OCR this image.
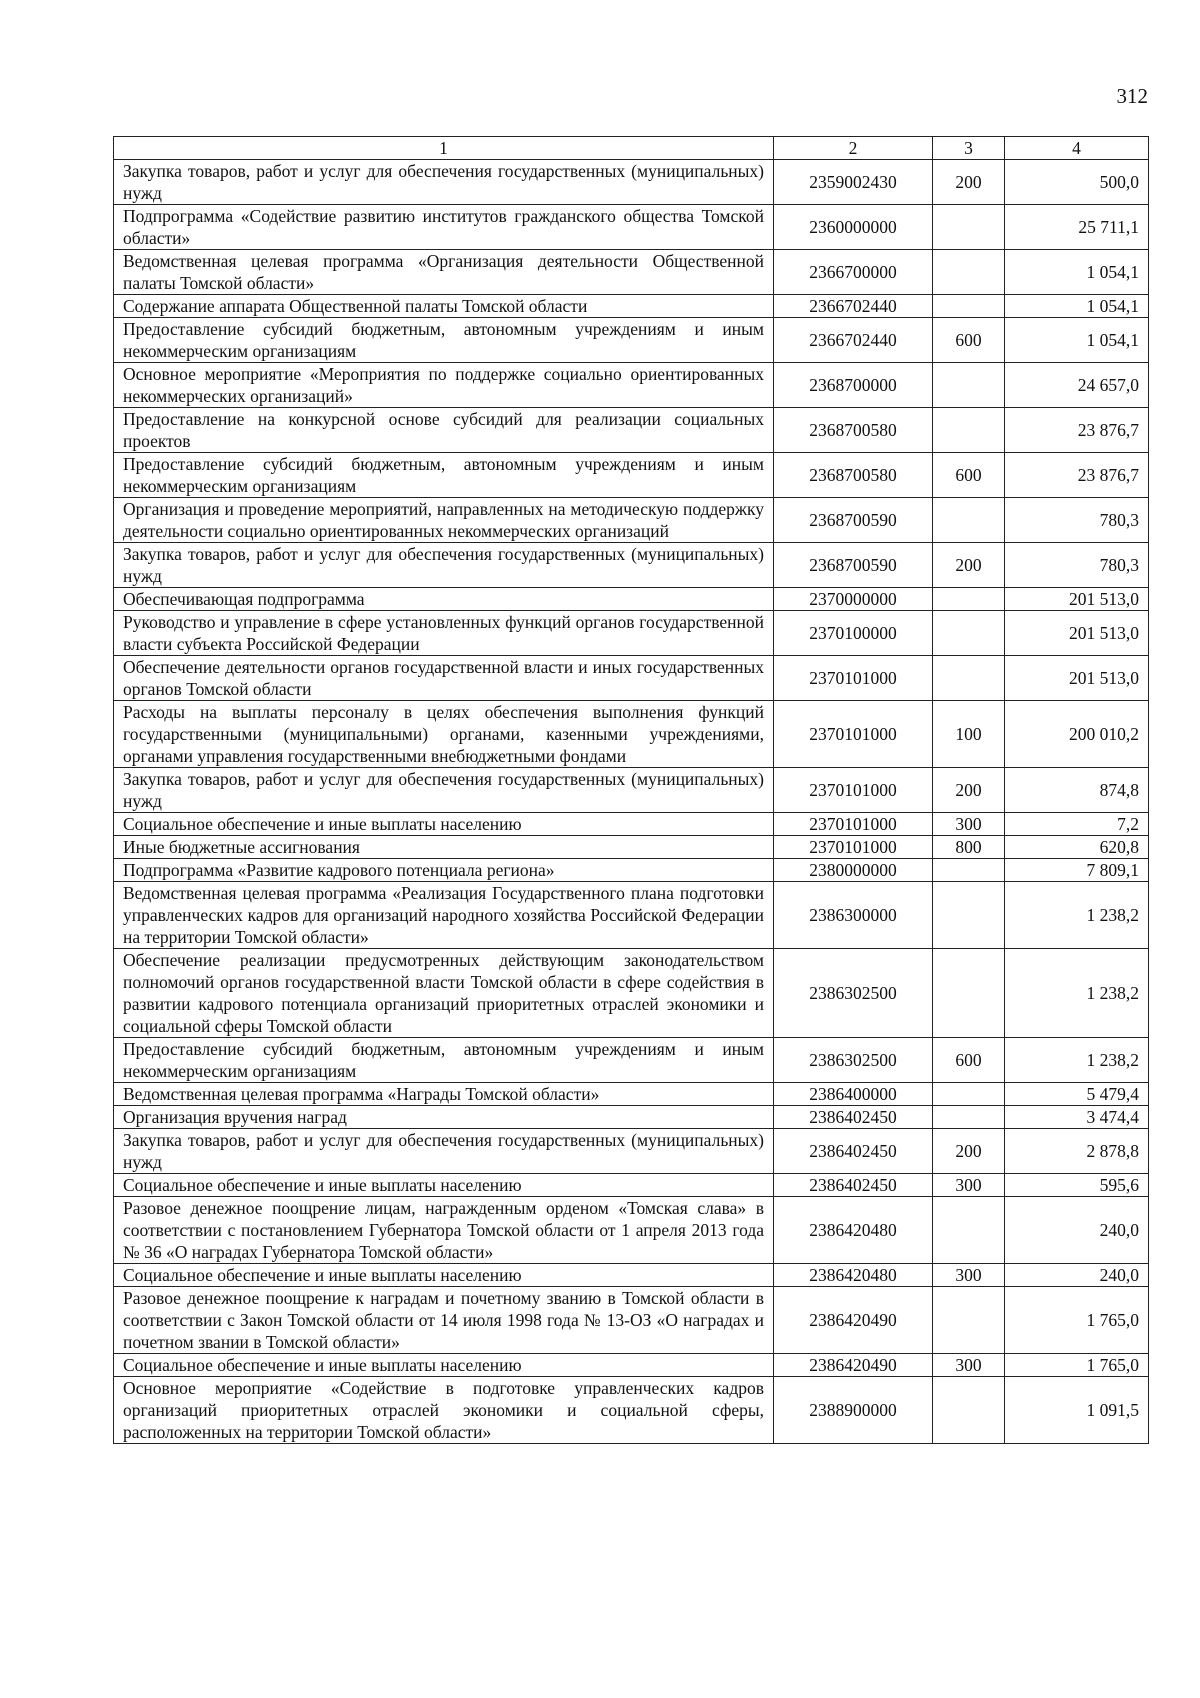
312
1	2	3	4
Закупка товаров, работ и услуг для обеспечения государственных (муниципальных) нужд	2359002430	200	500,0
Подпрограмма «Содействие развитию институтов гражданского общества Томской области»	2360000000		25 711,1
Ведомственная целевая программа «Организация деятельности Общественной палаты Томской области»	2366700000		1 054,1
Содержание аппарата Общественной палаты Томской области	2366702440		1 054,1
Предоставление субсидий бюджетным, автономным учреждениям и иным некоммерческим организациям	2366702440	600	1 054,1
Основное мероприятие «Мероприятия по поддержке социально ориентированных некоммерческих организаций»	2368700000		24 657,0
Предоставление на конкурсной основе субсидий для реализации социальных проектов	2368700580		23 876,7
Предоставление субсидий бюджетным, автономным учреждениям и иным некоммерческим организациям	2368700580	600	23 876,7
Организация и проведение мероприятий, направленных на методическую поддержку деятельности социально ориентированных некоммерческих организаций	2368700590		780,3
Закупка товаров, работ и услуг для обеспечения государственных (муниципальных) нужд	2368700590	200	780,3
Обеспечивающая подпрограмма	2370000000		201 513,0
Руководство и управление в сфере установленных функций органов государственной власти субъекта Российской Федерации	2370100000		201 513,0
Обеспечение деятельности органов государственной власти и иных государственных органов Томской области	2370101000		201 513,0
Расходы на выплаты персоналу в целях обеспечения выполнения функций государственными (муниципальными) органами, казенными учреждениями, органами управления государственными внебюджетными фондами	2370101000	100	200 010,2
Закупка товаров, работ и услуг для обеспечения государственных (муниципальных) нужд	2370101000	200	874,8
Социальное обеспечение и иные выплаты населению	2370101000	300	7,2
Иные бюджетные ассигнования	2370101000	800	620,8
Подпрограмма «Развитие кадрового потенциала региона»	2380000000		7 809,1
Ведомственная целевая программа «Реализация Государственного плана подготовки управленческих кадров для организаций народного хозяйства Российской Федерации на территории Томской области»	2386300000		1 238,2
Обеспечение реализации предусмотренных действующим законодательством полномочий органов государственной власти Томской области в сфере содействия в развитии кадрового потенциала организаций приоритетных отраслей экономики и социальной сферы Томской области	2386302500		1 238,2
Предоставление субсидий бюджетным, автономным учреждениям и иным некоммерческим организациям	2386302500	600	1 238,2
Ведомственная целевая программа «Награды Томской области»	2386400000		5 479,4
Организация вручения наград	2386402450		3 474,4
Закупка товаров, работ и услуг для обеспечения государственных (муниципальных) нужд	2386402450	200	2 878,8
Социальное обеспечение и иные выплаты населению	2386402450	300	595,6
Разовое денежное поощрение лицам, награжденным орденом «Томская слава» в соответствии с постановлением Губернатора Томской области от 1 апреля 2013 года № 36 «О наградах Губернатора Томской области»	2386420480		240,0
Социальное обеспечение и иные выплаты населению	2386420480	300	240,0
Разовое денежное поощрение к наградам и почетному званию в Томской области в соответствии с Закон Томской области от 14 июля 1998 года № 13-ОЗ «О наградах и почетном звании в Томской области»	2386420490		1 765,0
Социальное обеспечение и иные выплаты населению	2386420490	300	1 765,0
Основное мероприятие «Содействие в подготовке управленческих кадров организаций приоритетных отраслей экономики и социальной сферы, расположенных на территории Томской области»	2388900000		1 091,5
